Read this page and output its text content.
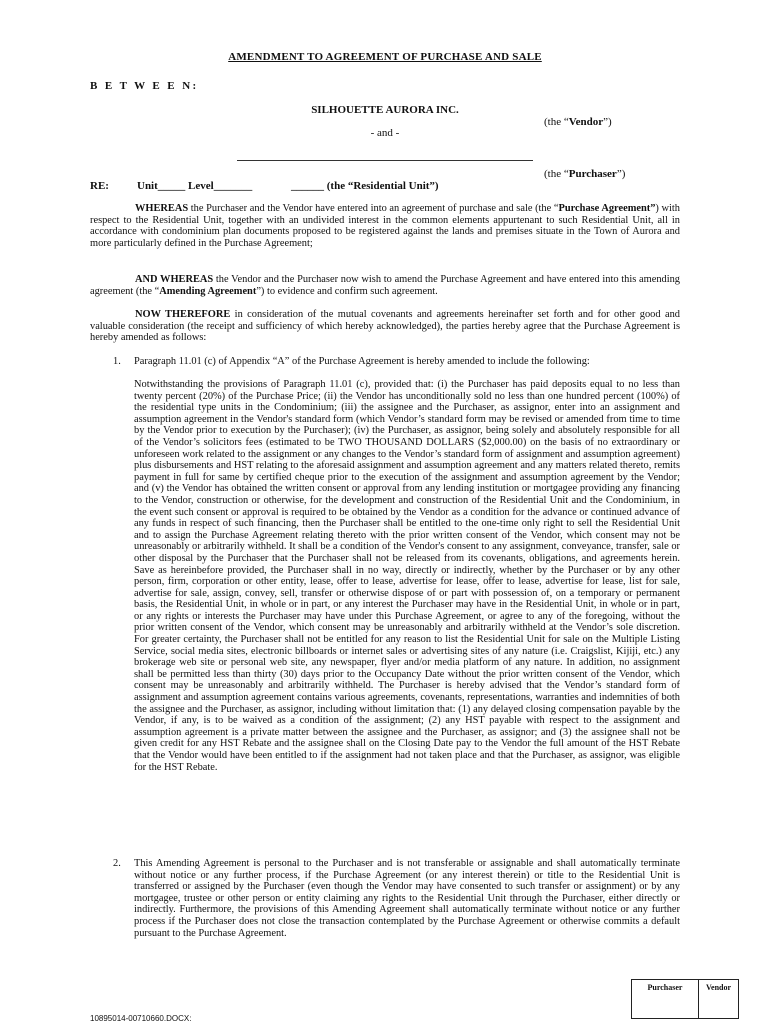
AMENDMENT TO AGREEMENT OF PURCHASE AND SALE
B E T W E E N:
SILHOUETTE AURORA INC.
(the “Vendor”)
- and -
(the “Purchaser”)
RE:	Unit_____ Level_______	______ (the “Residential Unit”)

WHEREAS the Purchaser and the Vendor have entered into an agreement of purchase and sale (the “Purchase Agreement”) with respect to the Residential Unit, together with an undivided interest in the common elements appurtenant to such Residential Unit, all in accordance with condominium plan documents proposed to be registered against the lands and premises situate in the Town of Aurora and more particularly defined in the Purchase Agreement;

AND WHEREAS the Vendor and the Purchaser now wish to amend the Purchase Agreement and have entered into this amending agreement (the “Amending Agreement”) to evidence and confirm such agreement.

NOW THEREFORE in consideration of the mutual covenants and agreements hereinafter set forth and for other good and valuable consideration (the receipt and sufficiency of which hereby acknowledged), the parties hereby agree that the Purchase Agreement is hereby amended as follows:

1. Paragraph 11.01 (c) of Appendix “A” of the Purchase Agreement is hereby amended to include the following:

Notwithstanding the provisions of Paragraph 11.01 (c), provided that: (i) the Purchaser has paid deposits equal to no less than twenty percent (20%) of the Purchase Price; (ii) the Vendor has unconditionally sold no less than one hundred percent (100%) of the residential type units in the Condominium; (iii) the assignee and the Purchaser, as assignor, enter into an assignment and assumption agreement in the Vendor's standard form (which Vendor’s standard form may be revised or amended from time to time by the Vendor prior to execution by the Purchaser); (iv) the Purchaser, as assignor, being solely and absolutely responsible for all of the Vendor’s solicitors fees (estimated to be TWO THOUSAND DOLLARS ($2,000.00) on the basis of no extraordinary or unforeseen work related to the assignment or any changes to the Vendor’s standard form of assignment and assumption agreement) plus disbursements and HST relating to the aforesaid assignment and assumption agreement and any matters related thereto, remits payment in full for same by certified cheque prior to the execution of the assignment and assumption agreement by the Vendor; and (v) the Vendor has obtained the written consent or approval from any lending institution or mortgagee providing any financing to the Vendor, construction or otherwise, for the development and construction of the Residential Unit and the Condominium, in the event such consent or approval is required to be obtained by the Vendor as a condition for the advance or continued advance of any funds in respect of such financing, then the Purchaser shall be entitled to the one-time only right to sell the Residential Unit and to assign the Purchase Agreement relating thereto with the prior written consent of the Vendor, which consent may not be unreasonably or arbitrarily withheld. It shall be a condition of the Vendor's consent to any assignment, conveyance, transfer, sale or other disposal by the Purchaser that the Purchaser shall not be released from its covenants, obligations, and agreements herein. Save as hereinbefore provided, the Purchaser shall in no way, directly or indirectly, whether by the Purchaser or by any other person, firm, corporation or other entity, lease, offer to lease, advertise for lease, offer to lease, advertise for lease, list for sale, advertise for sale, assign, convey, sell, transfer or otherwise dispose of or part with possession of, on a temporary or permanent basis, the Residential Unit, in whole or in part, or any interest the Purchaser may have in the Residential Unit, in whole or in part, or any rights or interests the Purchaser may have under this Purchase Agreement, or agree to any of the foregoing, without the prior written consent of the Vendor, which consent may be unreasonably and arbitrarily withheld at the Vendor’s sole discretion. For greater certainty, the Purchaser shall not be entitled for any reason to list the Residential Unit for sale on the Multiple Listing Service, social media sites, electronic billboards or internet sales or advertising sites of any nature (i.e. Craigslist, Kijiji, etc.) any brokerage web site or personal web site, any newspaper, flyer and/or media platform of any nature. In addition, no assignment shall be permitted less than thirty (30) days prior to the Occupancy Date without the prior written consent of the Vendor, which consent may be unreasonably and arbitrarily withheld. The Purchaser is hereby advised that the Vendor’s standard form of assignment and assumption agreement contains various agreements, covenants, representations, warranties and indemnities of both the assignee and the Purchaser, as assignor, including without limitation that: (1) any delayed closing compensation payable by the Vendor, if any, is to be waived as a condition of the assignment; (2) any HST payable with respect to the assignment and assumption agreement is a private matter between the assignee and the Purchaser, as assignor; and (3) the assignee shall not be given credit for any HST Rebate and the assignee shall on the Closing Date pay to the Vendor the full amount of the HST Rebate that the Vendor would have been entitled to if the assignment had not taken place and that the Purchaser, as assignor, was eligible for the HST Rebate.

2. This Amending Agreement is personal to the Purchaser and is not transferable or assignable and shall automatically terminate without notice or any further process, if the Purchase Agreement (or any interest therein) or title to the Residential Unit is transferred or assigned by the Purchaser (even though the Vendor may have consented to such transfer or assignment) or by any mortgagee, trustee or other person or entity claiming any rights to the Residential Unit through the Purchaser, either directly or indirectly. Furthermore, the provisions of this Amending Agreement shall automatically terminate without notice or any further process if the Purchaser does not close the transaction contemplated by the Purchase Agreement or otherwise commits a default pursuant to the Purchase Agreement.

Purchaser	Vendor
10895014-00710660.DOCX:
